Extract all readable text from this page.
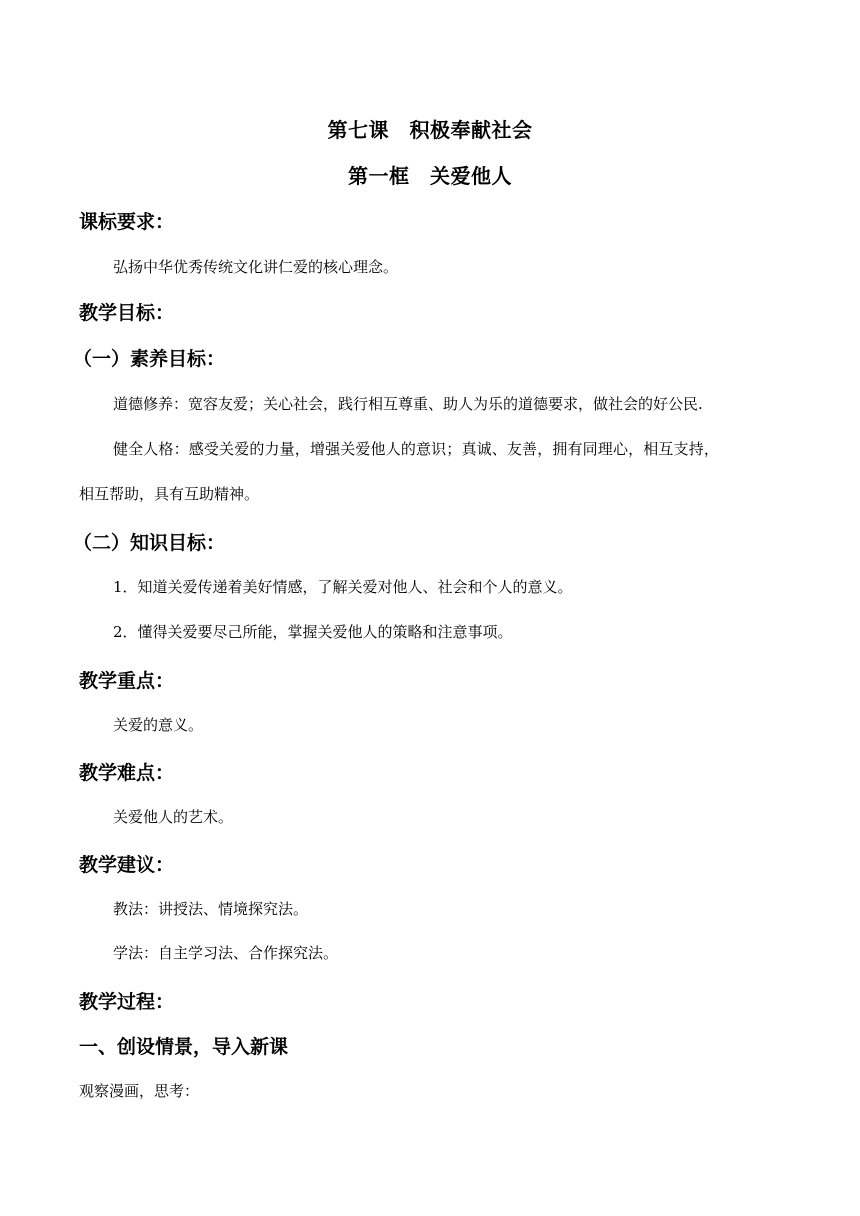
第七课　积极奉献社会
第一框　关爱他人
课标要求：
弘扬中华优秀传统文化讲仁爱的核心理念。
教学目标：
（一）素养目标：
道德修养：宽容友爱；关心社会，践行相互尊重、助人为乐的道德要求，做社会的好公民.
健全人格：感受关爱的力量，增强关爱他人的意识；真诚、友善，拥有同理心，相互支持，
相互帮助，具有互助精神。
（二）知识目标：
1．知道关爱传递着美好情感，了解关爱对他人、社会和个人的意义。
2．懂得关爱要尽己所能，掌握关爱他人的策略和注意事项。
教学重点：
关爱的意义。
教学难点：
关爱他人的艺术。
教学建议：
教法：讲授法、情境探究法。
学法：自主学习法、合作探究法。
教学过程：
一、创设情景，导入新课
观察漫画，思考：
